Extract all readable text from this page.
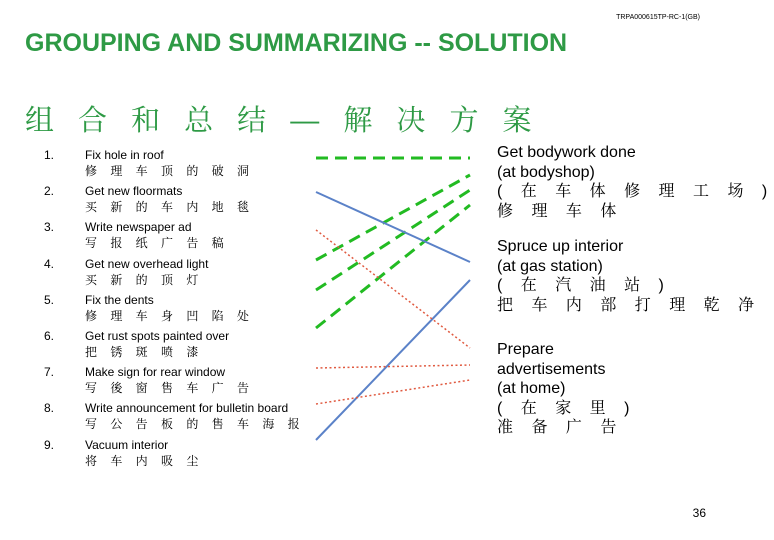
TRPA000615TP-RC-1(GB)
GROUPING AND SUMMARIZING -- SOLUTION
组 合 和 总 结 — 解 决 方 案
1.	Fix hole in roof
修 理 车 顶 的 破 洞
2.	Get new floormats
买 新 的 车 内 地 毯
3.	Write newspaper ad
写 报 纸 广 告 稿
4.	Get new overhead light
买 新 的 顶 灯
5.	Fix the dents
修 理 车 身 凹 陷 处
6.	Get rust spots painted over
把 锈 斑 喷 漆
7.	Make sign for rear window
写 後 窗 售 车 广 告
8.	Write announcement for bulletin board
写 公 告 板 的 售 车 海 报
9.	Vacuum interior
将 车 内 吸 尘
Get bodywork done
(at bodyshop)
( 在 车 体 修 理 工 场 )
修 理 车 体
Spruce up interior
(at gas station)
( 在 汽 油 站 )
把 车 内 部 打 理 乾 净
Prepare
advertisements
(at home)
( 在 家 里 )
准 备 广 告
36
